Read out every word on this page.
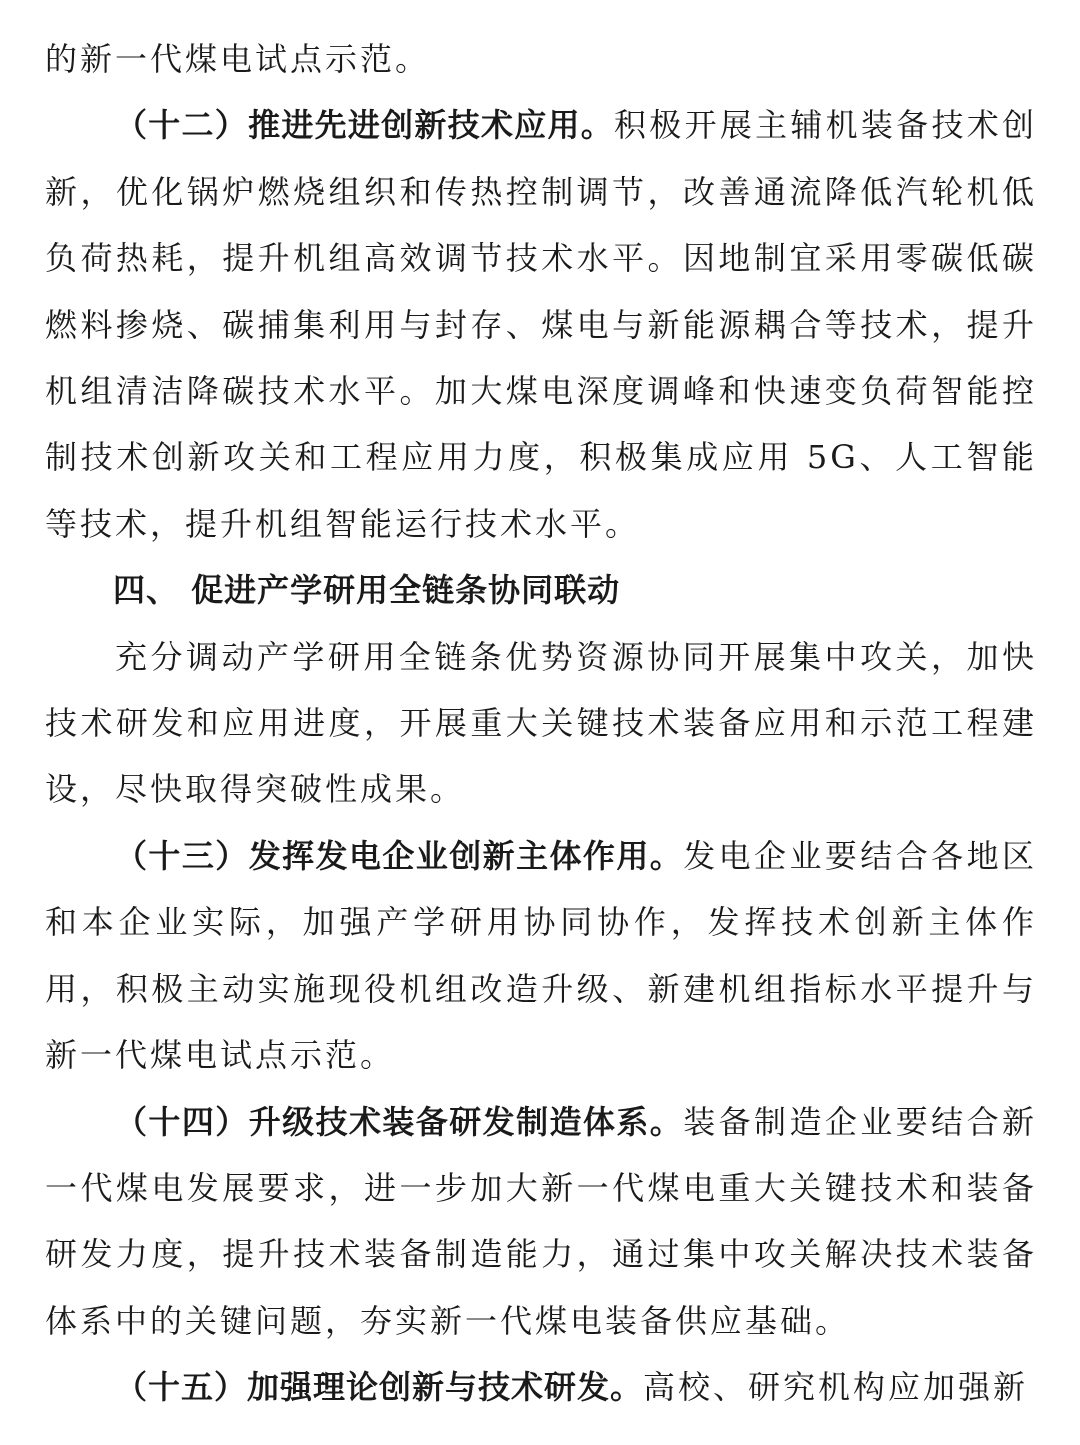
的新一代煤电试点示范。

（十二）推进先进创新技术应用。积极开展主辅机装备技术创新，优化锅炉燃烧组织和传热控制调节，改善通流降低汽轮机低负荷热耗，提升机组高效调节技术水平。因地制宜采用零碳低碳燃料掺烧、碳捕集利用与封存、煤电与新能源耦合等技术，提升机组清洁降碳技术水平。加大煤电深度调峰和快速变负荷智能控制技术创新攻关和工程应用力度，积极集成应用 5G、人工智能等技术，提升机组智能运行技术水平。

四、 促进产学研用全链条协同联动

充分调动产学研用全链条优势资源协同开展集中攻关，加快技术研发和应用进度，开展重大关键技术装备应用和示范工程建设，尽快取得突破性成果。

（十三）发挥发电企业创新主体作用。发电企业要结合各地区和本企业实际，加强产学研用协同协作，发挥技术创新主体作用，积极主动实施现役机组改造升级、新建机组指标水平提升与新一代煤电试点示范。

（十四）升级技术装备研发制造体系。装备制造企业要结合新一代煤电发展要求，进一步加大新一代煤电重大关键技术和装备研发力度，提升技术装备制造能力，通过集中攻关解决技术装备体系中的关键问题，夯实新一代煤电装备供应基础。

（十五）加强理论创新与技术研发。高校、研究机构应加强新
